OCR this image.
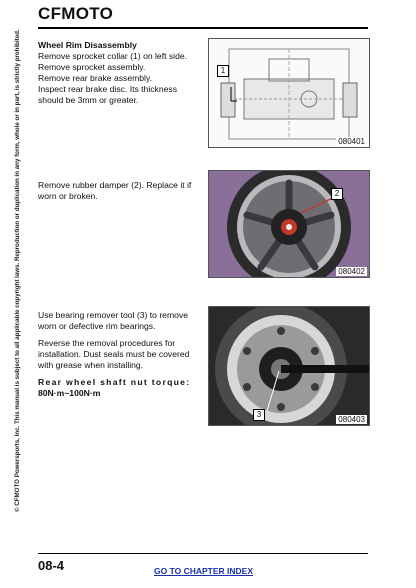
CFMOTO
© CFMOTO Powersports, Inc. This manual is subject to all applicable copyright laws. Reproduction or duplication in any form, whole or in part, is strictly prohibited. Wheel Rim Disassembly

Remove sprocket collar (1) on left side.

Remove sprocket assembly.

Remove rear brake assembly.

Inspect rear brake disc. Its thickness

should be 3mm or greater.

1
080401

Remove rubber damper (2). Replace it if

worn or broken.	2
080402

Use bearing remover tool (3) to remove

worn or defective rim bearings.

Reverse the removal procedures for

installation. Dust seals must be covered

with grease when installing.

Rear wheel shaft nut torque:

80N·m~100N·m

3
080403
08-4	GO TO CHAPTER INDEX
